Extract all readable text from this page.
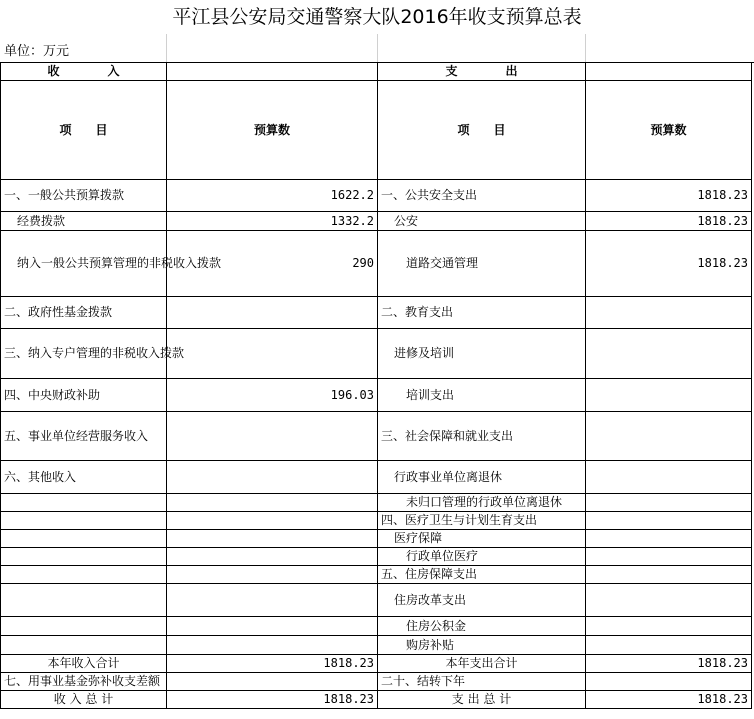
平江县公安局交通警察大队2016年收支预算总表
单位：万元
收　　　　入		支　　　　出	
项　　目	预算数	项　　目	预算数
一、一般公共预算拨款	1622.2	一、公共安全支出	1818.23
经费拨款	1332.2	公安	1818.23
纳入一般公共预算管理的非税收入拨款	290	道路交通管理	1818.23
二、政府性基金拨款		二、教育支出	
三、纳入专户管理的非税收入拨款		进修及培训	
四、中央财政补助	196.03	培训支出	
五、事业单位经营服务收入		三、社会保障和就业支出	
六、其他收入		行政事业单位离退休	
		未归口管理的行政单位离退休	
		四、医疗卫生与计划生育支出	
		医疗保障	
		行政单位医疗	
		五、住房保障支出	
		住房改革支出	
		住房公积金	
		购房补贴	
本年收入合计	1818.23	本年支出合计	1818.23
七、用事业基金弥补收支差额		二十、结转下年	
收 入 总 计	1818.23	支 出 总 计	1818.23
